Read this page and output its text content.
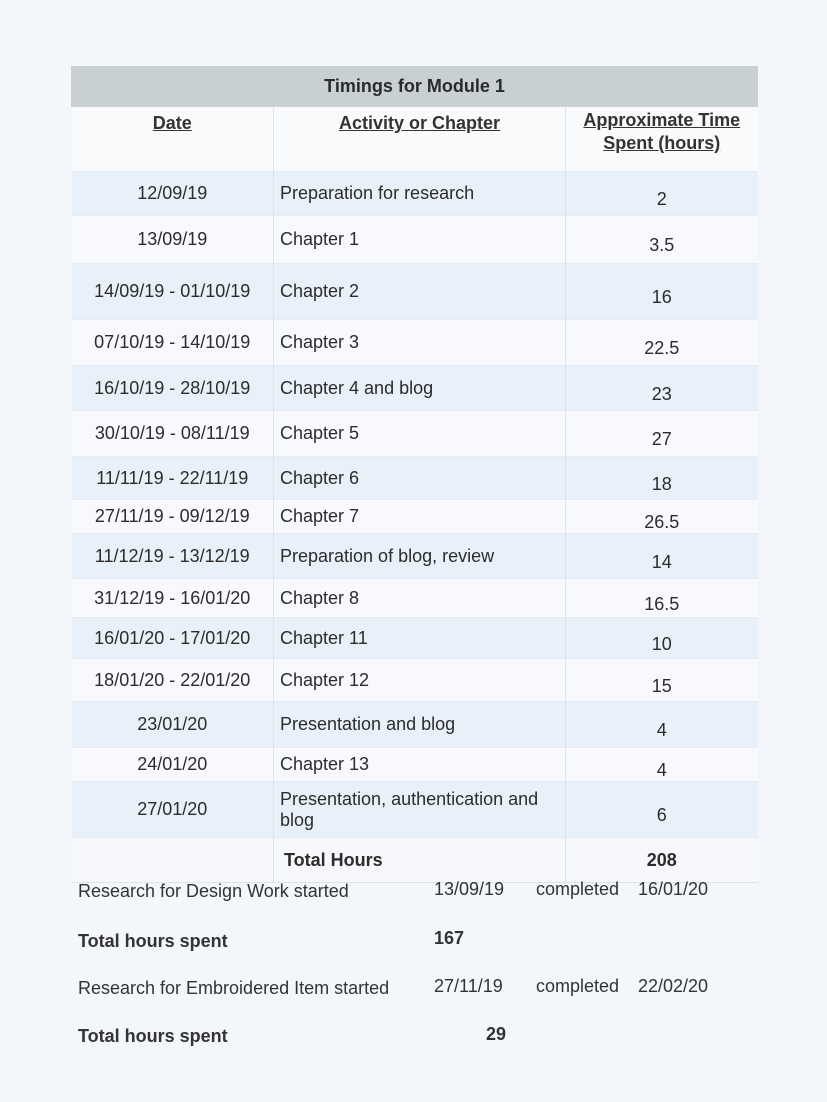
Timings for Module 1		
Date	Activity or Chapter	Approximate Time
Spent (hours)
12/09/19	Preparation for research	2
13/09/19	Chapter 1	3.5
14/09/19 - 01/10/19	Chapter 2	16
07/10/19 - 14/10/19	Chapter 3	22.5
16/10/19 - 28/10/19	Chapter 4 and blog	23
30/10/19 - 08/11/19	Chapter 5	27
11/11/19 - 22/11/19	Chapter 6	18
27/11/19 - 09/12/19	Chapter 7	26.5
11/12/19 - 13/12/19	Preparation of blog, review	14
31/12/19 - 16/01/20	Chapter 8	16.5
16/01/20 - 17/01/20	Chapter 11	10
18/01/20 - 22/01/20	Chapter 12	15
23/01/20	Presentation and blog	4
24/01/20	Chapter 13	4
27/01/20	Presentation, authentication and blog	6
	Total Hours	208
Research for Design Work started	13/09/19 completed 16/01/20
Total hours spent	167
Research for Embroidered Item started 27/11/19 completed 22/02/20
Total hours spent	29
